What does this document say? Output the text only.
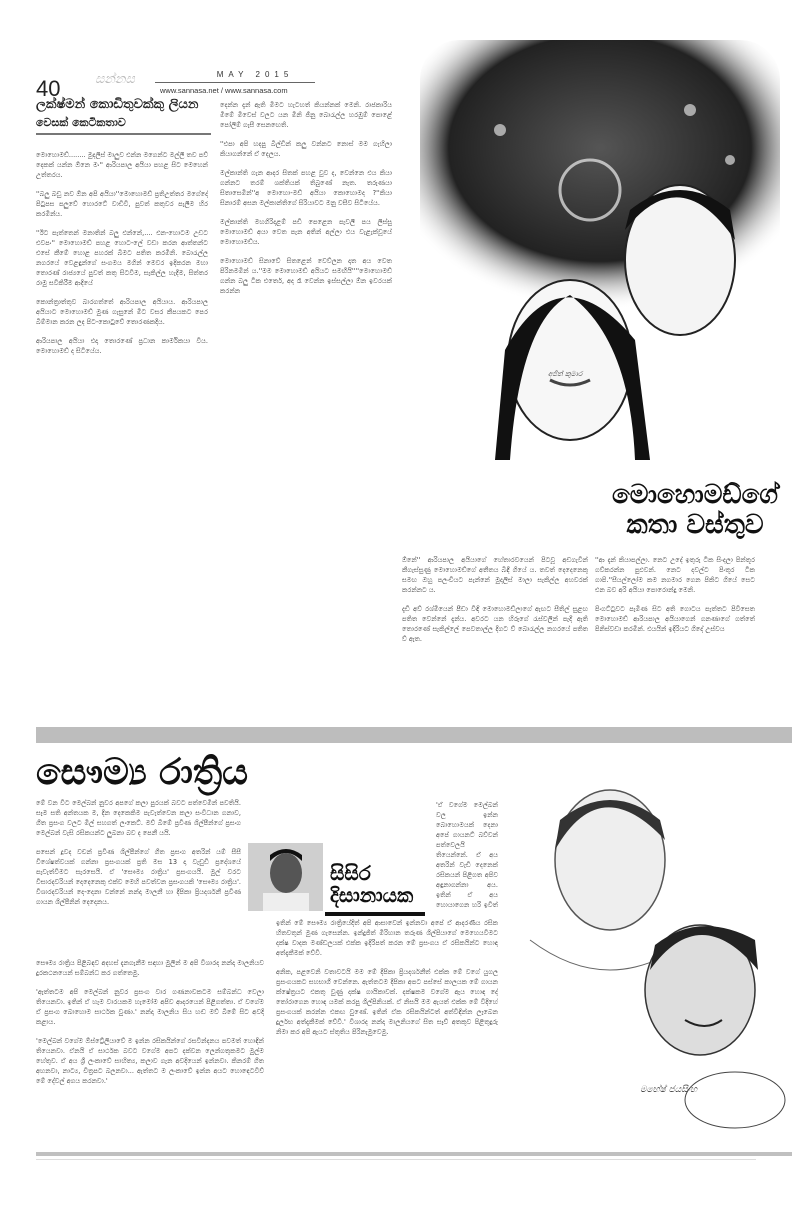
40	සන්නස	MAY 2015
www.sannasa.net / www.sannasa.com
ලක්ෂ්මන් කොඩිතුවක්කු ලියන
වෙසක් කෙටිකතාව

මොහොමඩ්........ මුදලිස් මාලුව එන්න මගෙන්ට මල්ලී තව පව් දෙකක් යන්න ඕනෙ මං'' ආරියපාල අයියා පහළ සිට මෙහෙන් උත්තරය.

''බලු බඩු නව ඕන අපි අයියා''මොහොමඩ් ප්‍රතිඋත්තර මගේදේ පිටුපස පලුවේ හොරටේ වාඩිවී, පුවත් කතුවර පැලීම හිර කරමින්ය.

''ඊට පැත්තෙන් මනාතින් බලු එන්නේ,.... එන-හොටම උඩට එවපං'' මොහොමඩ් පහළ හොට-ලේ වඩා කරන ආත්තන්ට එසේ කීමේ හොළ පහරක් බිමට පතිත කරමිනි. බොරැල්ල නගරයේ වෙළඳුන්ගේ සංගමය මගින් මෙවර ඉදිකරන මහා තොරණ් රාජ්‍යයේ පුවත් කතු සිටවීම, සැකිල්ල හැදීම, සිත්තර රාමු සවිකිරීම ආදියේ

කොන්ත්‍රාත්තුව බාරගත්තේ ආරියපාල අයියාය. ආරියපාල අයියාට මොහොමඩ් මුණ ගැසුනේ මීට වසර කීපයකට පෙර බිම්මාන කරන ලද පිට-කොටුවේ තොරණකදීය.

ආරියපාල අයියා එදා තොරණේ ප්‍රධාන කාර්මිකයා විය. මොහොමඩ් ද සිටියේය.

දෙන්න දැන් ඇති මිමට හැටහත් කියන්නක් මෙනි. රාජකාරිය මිමේ මිවෙස් වලට යන මිනි ජීනු බොරැල්ල හරඹුම් පොළේ පෝලිම් ගැසී සෙනඟෙති.

''එපා අපි හදපු බිල්ඩින් කලු වන්නට නොස් මම ගැහිලා කියාගන්නේ ඒ දෙලය.

මල්කාන්ති ගැන ආදර සිතක් පහළ වුව ද, වෙන්නෙ එය කියා ගන්නට තරම් ශක්තියක් තිබුණේ නැත. තරුණයා සිතාසෙමින්''අ මොහො-මඩ් අයියා කොහොමද ?''කියා සිනාරම් අසන මල්කාන්තිගේ සිරියාවට මනු වසීව සිටියේය.

මල්කාන්ති මහගිරිදළම් පඩි පෙළෙන පැවලී පය ලිස්සු මොහොමඩ් අයා වෙත පැන අතින් අල්ලා එය වැළැක්වූයේ මොහොමඩ්ය.

මොහොමඩ් සිනාවේ සිතළෙන් වෙව්ලන දාත අය වෙත පිරිනමමින් ය.''මම මොහොමඩ් අයියට සමඟීයි''''මොහොමඩ් ගන්න බලු ටික එතෙර්, අද රෑ වෙන්න ඉස්සල්ලා ඕන ඉවරයක් කරන්න

මොහොමඩ්ගේ කතා වස්තුව

ඕනේ'' ආරියපාල අයියාගේ හේතාරවයෙන් පිටවූ අඩගැවින් කීගැස්සුණු මොහොමඩ්ගේ අතීතය බිඳී ගියේ ය. තවත් දෙදෙනෙකු සමඟ ඔහු පලංචියට පැන්නේ මුදලිස් මාලා සැකිල්ල අහවරක් කරන්නට ය.

දැඩි අව් රශ්මියෙන් පීඩා විඳි මොහොමඩ්ලාගේ ඇඟට සීතිල් සුළඟ පතිත වෙන්නේ දැන්ය. අවරට යන හිරුගේ රැස්වලින් පැදී ඇති තොරණේ සැකිල්ලේ පෙවතාල්ල දිගට ව් බොරැල්ල නගරයේ පතිත ව් ඇත.

''ආ දැන් කියාපල්ලා. නෙට උදේ ඉතුරු ටික සිංදලා පින්තූර ගව්කරන්න පුළුවන්. නෙට දවල්ට පිංතූර ටික ගාපි.''සීයල්ලෝම කම නගමාර ගෙන පිකිට ගියේ සෙට එන බව අරි අයියා පොරොන්දු මෙනි.

පිංගට්ටුවට පැමිණ සිට අති ගොටය පැත්තට පිවිසෙත මොහොමඩ් ආරියපාල අයියාගෙන් ගනණාගේ ගත්තේ පිනිස්වඩා කරමින්. එයයින් ඉදිරියට ගිදේ උස්වය

සෞම්‍ය රාත්‍රිය

මේ වන විට මෙල්බන් නුවර අපගේ කලා පුරයක් බවට පත්වෙමින් පවතියි. සෑම සති අන්තයක ම, දින දෙකෙකිම පැවැත්වෙන කලා සංවිධාන ගනාව, ගීත ප්‍රසංග වලට මිල් සහගත් ලංකෙට්. මව් බිමේ ප්‍රවීණ ශිල්පීන්ගේ ප්‍රසංග මෙල්බන් වැසි රසිකයන්ට ලුබනා බව ද පෙනී යයි.

පසෙන් දූවද වචන් ප්‍රවීණ ශිල්පීන්ගේ ගීත ප්‍රසංග අතරින් යම් සීසී විශේෂත්වයක් ගන්නා ප්‍රසංගයක් ප්‍රති මස 13 දා වැඩුඩී ප්‍රදේශයේ පැවැත්වීමට සැරසෙයි. ඒ 'සෞම්‍ය රාත්‍රිය' ප්‍රසංගයයි. මුල් වරට වීසාරදවරියන් දෙදෙනෙකු එක්ව මෙහි පවත්වන ප්‍රසංගයකි 'සෞම්‍ය රාත්‍රිය'. වීශාරදවරියන් දෙ-දෙනා වන්නේ නන්දා මාලනී හා දීපිකා ප්‍රියදර්ශනී ප්‍රවීණ ගායන ශිල්පීනින් දෙදෙනය.

සිසිර දිසානායක

සෞම්‍ය රාත්‍රිය පිළිබඳව අදහස් දැනගැනීම සඳහා මුලින් ම අපි විශාරද නන්දා මාලනියව දුරකථනයෙන් සම්බන්ධ කර ගත්තෙමු.

'ඇත්තටම අපි මෙල්බන් නුවර ප්‍රසංග වාර ගණනාවකටම සම්බන්ධ වෙලා තියෙනවා. ඉතින් ඒ හැම වාරයකම හැමෝම අපිව ආදරයෙන් පිළිගත්තා. ඒ වගේම ඒ ප්‍රසංග බොහොම සාර්ථක වුණා.' නන්දා මාලනිය සිය හඬ මව් බිමේ සිට අවදි කළාය.

'මෙල්බන් වගේම ඕස්ට්‍රේලියාවේ ම ඉන්න රසිකයින්ගේ රසවින්දනය පවමත් හොඳින් තියෙනවා. ඒනයි ඒ සාර්ථක බවට වගේම අපට දක්වන ලෙන්ගතුකමට මුල්ම හේතුව. ඒ අය ශ්‍රී ලංකාවේ සාහිත්‍ය, කලාව ගැන අවදියෙන් ඉන්නවා. කිනරම් ගීත අහනවා, නාට්‍ය, චිත්‍රපට බලනවා... ඇත්තට ම ලංකාවේ ඉන්න අයට හොඳෙටවිව් මේ දේවල් අගය කරනවා.'

'ඒ වගේම මෙල්බන් වල ඉන්න බොහොමයක් දෙනා අපේ ගායනට් බව්වන් පත්වෙලයි තියෙන්නේ. ඒ අය අතරින් වැඩි දෙනෙක් රසිකයන් පිළිගත අපිව අඳුනාගන්නා අය. ඉතින් ඒ අය හොයාගෙන හරි ඉවිත්

ඉතින් මේ සෞම්‍ය රාත්‍රියේදිත් අපි ආසාවෙන් ඉන්නවා අපේ ඒ ආදරණීය රසික හිතවතුන් මුණ ගැසෙන්න. ඉන්දුජිත් මීරිහාන තරුණ ශිල්පියාගේ මෙහෙයවීමට දක්ෂ වාදක මණ්ඩලයක් එක්ක ඉදිරිපත් කරන මේ ප්‍රසංගය ඒ රසිකයින්ට හොඳ අත්දැකීමක් වේවි.

අනික, පළවෙනි වතාවටයි මම මේ දීපිකා ප්‍රියදර්ශනීත් එක්ක මේ වගේ යුගල ප්‍රසංගයකට සහභාගී වෙන්නෙ. ඇත්තටම දීපිකා අපට පස්සේ කාලයක මේ ගායන ක්ෂේත්‍රයට එකතු වුණු දක්ෂ ගායිකාවක්. දක්ෂකම වගේම ඇය හොඳ දේ තෝරාගෙන හොඳ යමක් කරපු ශිල්පිනියක්. ඒ නිසයි මම ඇයත් එක්ක මේ විදිහේ ප්‍රසංගයක් කරන්න එකඟ වුණේ. ඉතින් ඒක රසිකයින්ටත් අත්විඳින්න ලැබෙන දුර්ලභ අත්දැකීමක් වේවි.' විශාරද නන්දා මාලනියගේ සිත සෑව් අතකුව පිළිතුදුරු නිමා කර අපි ඇයට ස්තුතිය පිරිනැමුවෙමු.

මහේෂ් ජයසිංහ
අජිත් කුමාර
